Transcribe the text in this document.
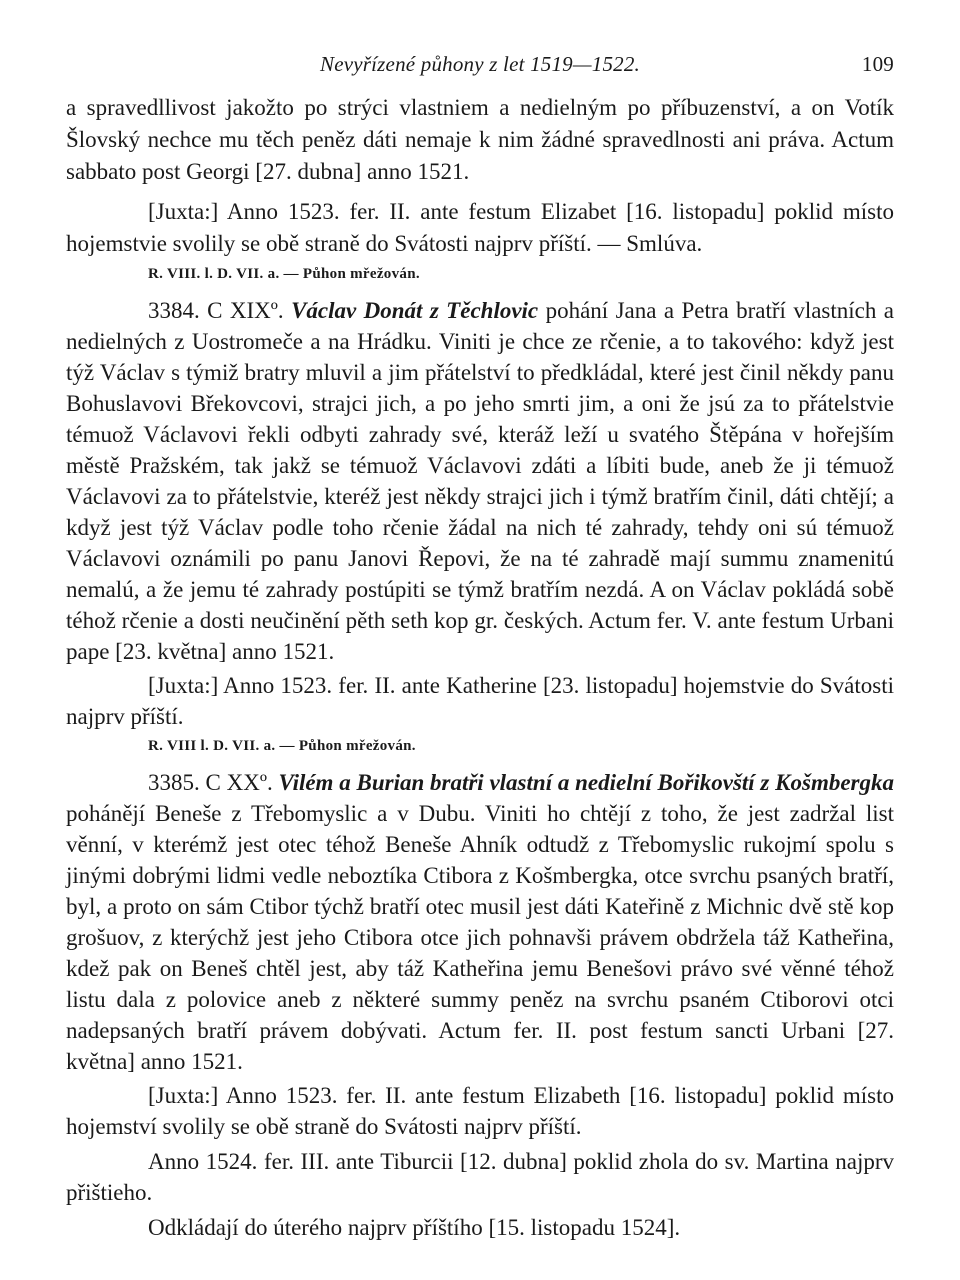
Nevyřízené půhony z let 1519—1522.	109

a spravedllivost jakožto po strýci vlastniem a nedielným po příbuzenství, a on Votík Šlovský nechce mu těch peněz dáti nemaje k nim žádné spravedlnosti ani práva. Actum sabbato post Georgi [27. dubna] anno 1521.

[Juxta:] Anno 1523. fer. II. ante festum Elizabet [16. listopadu] poklid místo hojemstvie svolily se obě straně do Svátosti najprv příští. — Smlúva.

R. VIII. l. D. VII. a. — Půhon mřežován.

3384. C XIXº. Václav Donát z Těchlovic pohání Jana a Petra bratří vlastních a nedielných z Uostromeče a na Hrádku. Viniti je chce ze rčenie, a to takového: když jest týž Václav s týmiž bratry mluvil a jim přátelství to předkládal, které jest činil někdy panu Bohuslavovi Břekovcovi, strajci jich, a po jeho smrti jim, a oni že jsú za to přátelstvie témuož Václavovi řekli odbyti zahrady své, kteráž leží u svatého Štěpána v hořejším městě Pražském, tak jakž se témuož Václavovi zdáti a líbiti bude, aneb že ji témuož Václavovi za to přátelstvie, kteréž jest někdy strajci jich i týmž bratřím činil, dáti chtějí; a když jest týž Václav podle toho rčenie žádal na nich té zahrady, tehdy oni sú témuož Václavovi oznámili po panu Janovi Řepovi, že na té zahradě mají summu znamenitú nemalú, a že jemu té zahrady postúpiti se týmž bratřím nezdá. A on Václav pokládá sobě téhož rčenie a dosti neučinění pěth seth kop gr. českých. Actum fer. V. ante festum Urbani pape [23. května] anno 1521.

[Juxta:] Anno 1523. fer. II. ante Katherine [23. listopadu] hojemstvie do Svátosti najprv příští.

R. VIII l. D. VII. a. — Půhon mřežován.

3385. C XXº. Vilém a Burian bratři vlastní a nedielní Bořikovští z Košmbergka pohánějí Beneše z Třebomyslic a v Dubu. Viniti ho chtějí z toho, že jest zadržal list věnní, v kterémž jest otec téhož Beneše Ahník odtudž z Třebomyslic rukojmí spolu s jinými dobrými lidmi vedle neboztíka Ctibora z Košmbergka, otce svrchu psaných bratří, byl, a proto on sám Ctibor týchž bratří otec musil jest dáti Kateřině z Michnic dvě stě kop grošuov, z kterýchž jest jeho Ctibora otce jich pohnavši právem obdržela táž Katheřina, kdež pak on Beneš chtěl jest, aby táž Katheřina jemu Benešovi právo své věnné téhož listu dala z polovice aneb z některé summy peněz na svrchu psaném Ctiborovi otci nadepsaných bratří právem dobývati. Actum fer. II. post festum sancti Urbani [27. května] anno 1521.

[Juxta:] Anno 1523. fer. II. ante festum Elizabeth [16. listopadu] poklid místo hojemství svolily se obě straně do Svátosti najprv příští.

Anno 1524. fer. III. ante Tiburcii [12. dubna] poklid zhola do sv. Martina najprv přištieho.

Odkládají do úterého najprv příštího [15. listopadu 1524].
